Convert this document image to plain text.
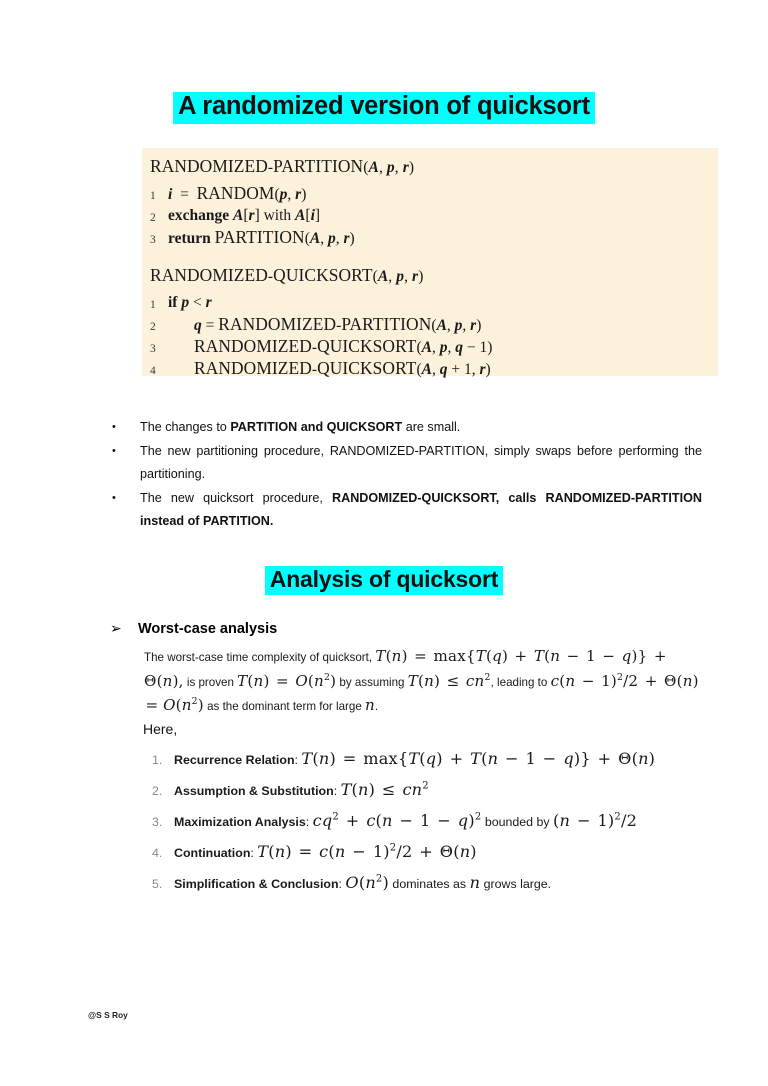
A randomized version of quicksort
RANDOMIZED-PARTITION(A, p, r)
1 i  =  RANDOM(p, r)
2 exchange A[r] with A[i]
3 return PARTITION(A, p, r)
RANDOMIZED-QUICKSORT(A, p, r)
1 if p < r
2	q = RANDOMIZED-PARTITION(A, p, r)
3	RANDOMIZED-QUICKSORT(A, p, q − 1)
4	RANDOMIZED-QUICKSORT(A, q + 1, r)
•	The changes to PARTITION and QUICKSORT are small.
•	The new partitioning procedure, RANDOMIZED-PARTITION, simply swaps before performing the partitioning.
•	The new quicksort procedure, RANDOMIZED-QUICKSORT, calls RANDOMIZED-PARTITION instead of PARTITION.
Analysis of quicksort
➢	Worst-case analysis
The worst-case time complexity of quicksort, T(n) = max{T(q) + T(n − 1 − q)} + Θ(n), is proven $T(n) = O(n^2)$ by assuming $T(n) \le cn^2$, leading to $c(n - 1)^2/2 + \Theta(n) = O(n^2)$ as the dominant term for large n.
Here,
1. Recurrence Relation: T(n) = max{T(q) + T(n − 1 − q)} + Θ(n)
2. Assumption & Substitution: $T(n) \le cn^2$
3. Maximization Analysis: $cq^2 + c(n - 1 - q)^2$ bounded by $(n - 1)^2/2$
4. Continuation: $T(n) = c(n - 1)^2/2 + \Theta(n)$
5. Simplification & Conclusion: $O(n^2)$ dominates as n grows large.
@S S Roy
